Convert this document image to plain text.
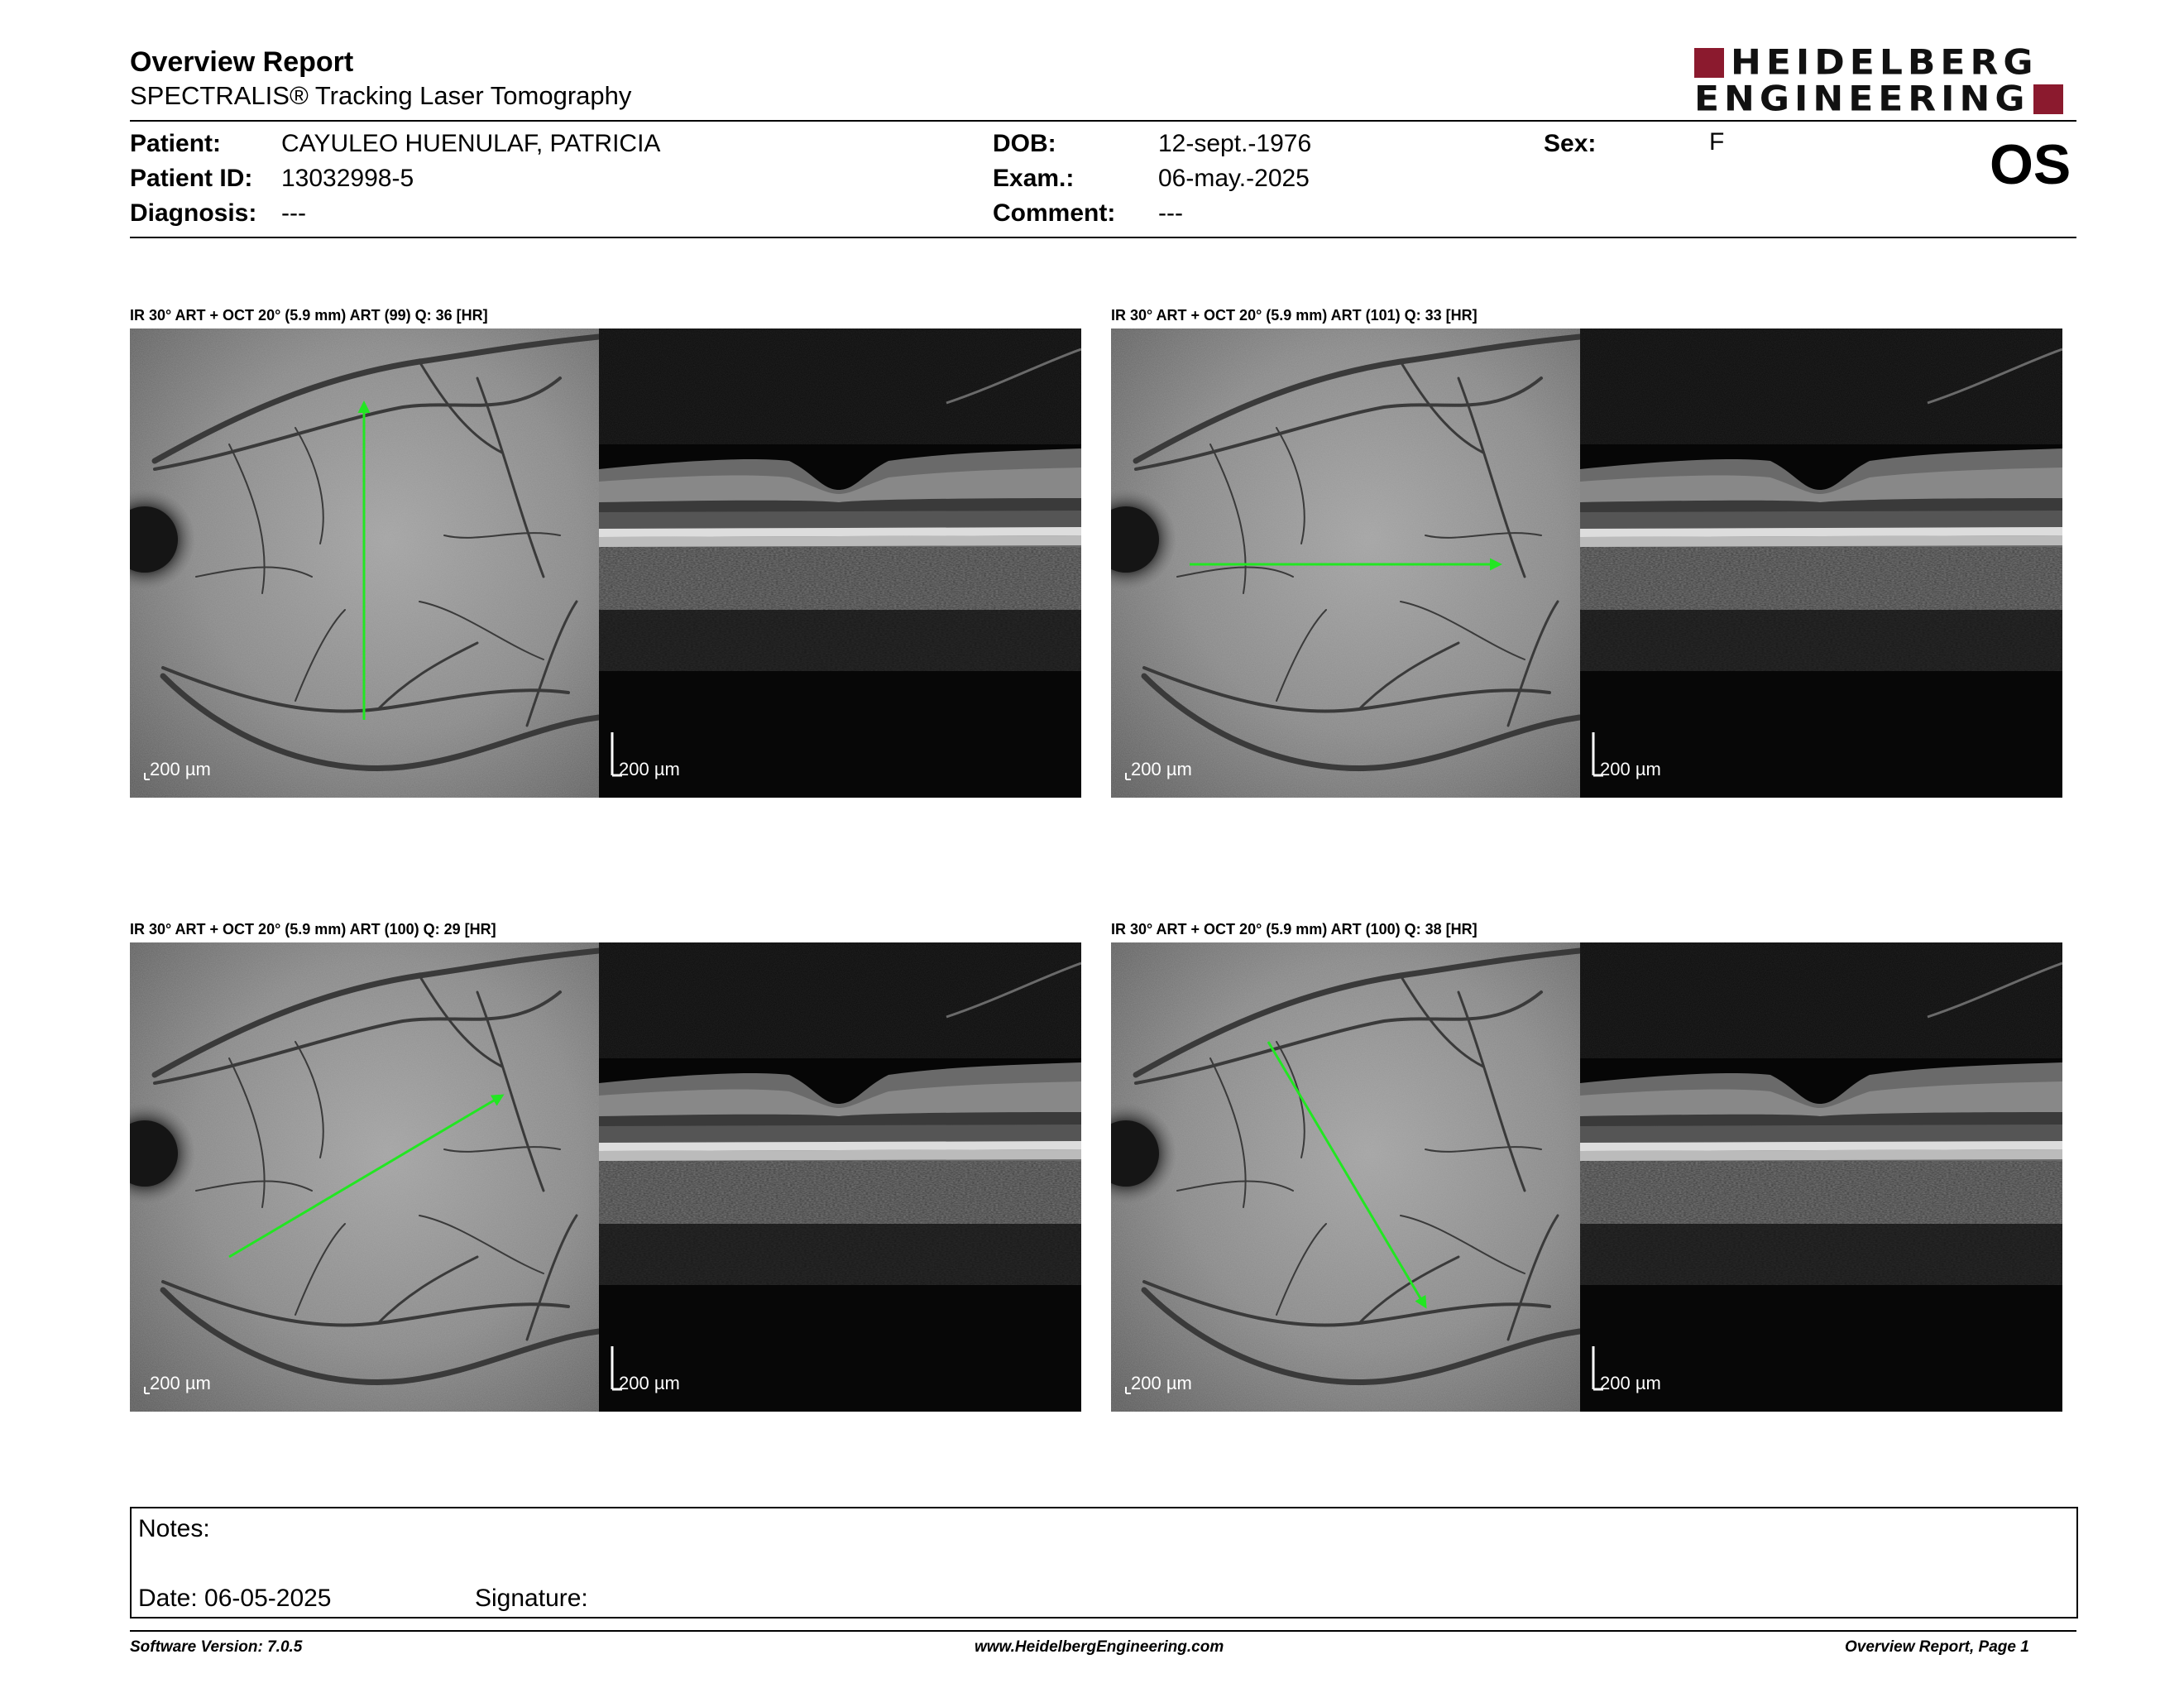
Overview Report
SPECTRALIS® Tracking Laser Tomography
HEIDELBERG
ENGINEERING
Patient: CAYULEO HUENULAF, PATRICIA
Patient ID: 13032998-5
Diagnosis: ---
DOB:	12-sept.-1976
Exam.:	06-may.-2025
Comment: ---
Sex:	F	OS
IR 30° ART + OCT 20° (5.9 mm) ART (99) Q: 36 [HR]
200 µm	200 µm
IR 30° ART + OCT 20° (5.9 mm) ART (101) Q: 33 [HR]
200 µm	200 µm
IR 30° ART + OCT 20° (5.9 mm) ART (100) Q: 29 [HR]
200 µm	200 µm
IR 30° ART + OCT 20° (5.9 mm) ART (100) Q: 38 [HR]
200 µm	200 µm
Notes:
Date: 06-05-2025	Signature:
Software Version: 7.0.5	www.HeidelbergEngineering.com	Overview Report, Page 1
